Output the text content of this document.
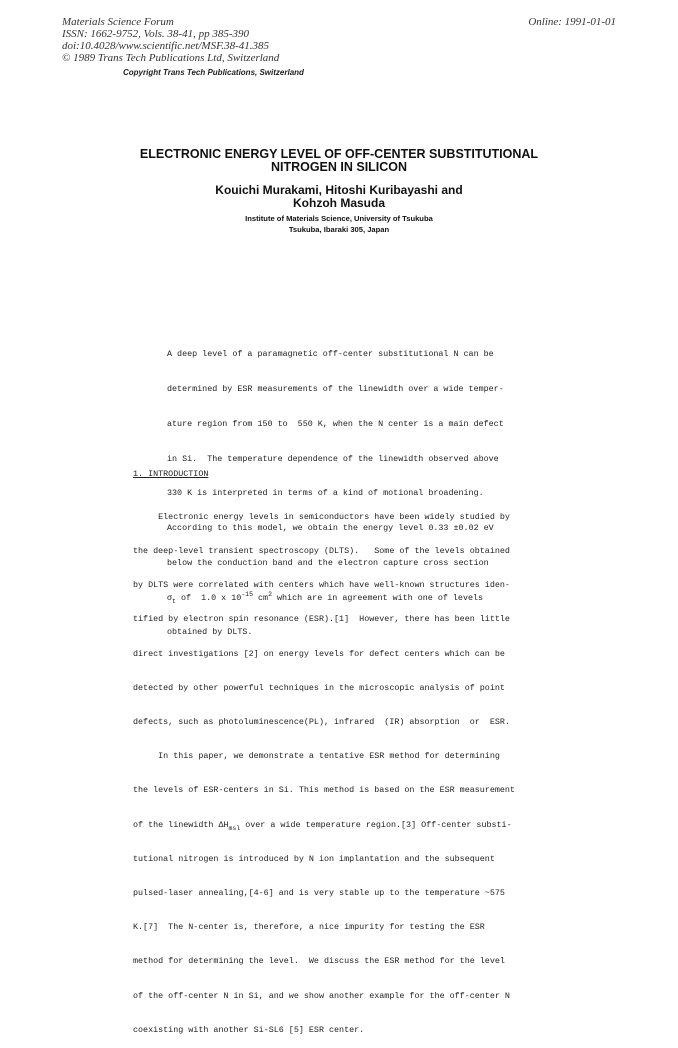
Materials Science Forum
ISSN: 1662-9752, Vols. 38-41, pp 385-390
doi:10.4028/www.scientific.net/MSF.38-41.385
© 1989 Trans Tech Publications Ltd, Switzerland
Online: 1991-01-01
Copyright Trans Tech Publications, Switzerland
ELECTRONIC ENERGY LEVEL OF OFF-CENTER SUBSTITUTIONAL
NITROGEN IN SILICON
Kouichi Murakami, Hitoshi Kuribayashi and
Kohzoh Masuda
Institute of Materials Science, University of Tsukuba
Tsukuba, Ibaraki 305, Japan

A deep level of a paramagnetic off-center substitutional N can be

determined by ESR measurements of the linewidth over a wide temper-

ature region from 150 to  550 K, when the N center is a main defect

in Si.  The temperature dependence of the linewidth observed above

330 K is interpreted in terms of a kind of motional broadening.

According to this model, we obtain the energy level 0.33 ±0.02 eV

below the conduction band and the electron capture cross section

$\sigma_t$ of  1.0 x $10^{-15}$ $cm^2$ which are in agreement with one of levels

obtained by DLTS.

1. INTRODUCTION

Electronic energy levels in semiconductors have been widely studied by

the deep-level transient spectroscopy (DLTS).   Some of the levels obtained

by DLTS were correlated with centers which have well-known structures iden-

tified by electron spin resonance (ESR).[1]  However, there has been little

direct investigations [2] on energy levels for defect centers which can be

detected by other powerful techniques in the microscopic analysis of point

defects, such as photoluminescence(PL), infrared  (IR) absorption  or  ESR.

In this paper, we demonstrate a tentative ESR method for determining

the levels of ESR-centers in Si. This method is based on the ESR measurement

of the linewidth $\Delta H_{msl}$ over a wide temperature region.[3] Off-center substi-

tutional nitrogen is introduced by N ion implantation and the subsequent

pulsed-laser annealing,[4-6] and is very stable up to the temperature ~575

K.[7]  The N-center is, therefore, a nice impurity for testing the ESR

method for determining the level.  We discuss the ESR method for the level

of the off-center N in Si, and we show another example for the off-center N

coexisting with another Si-SL6 [5] ESR center.
